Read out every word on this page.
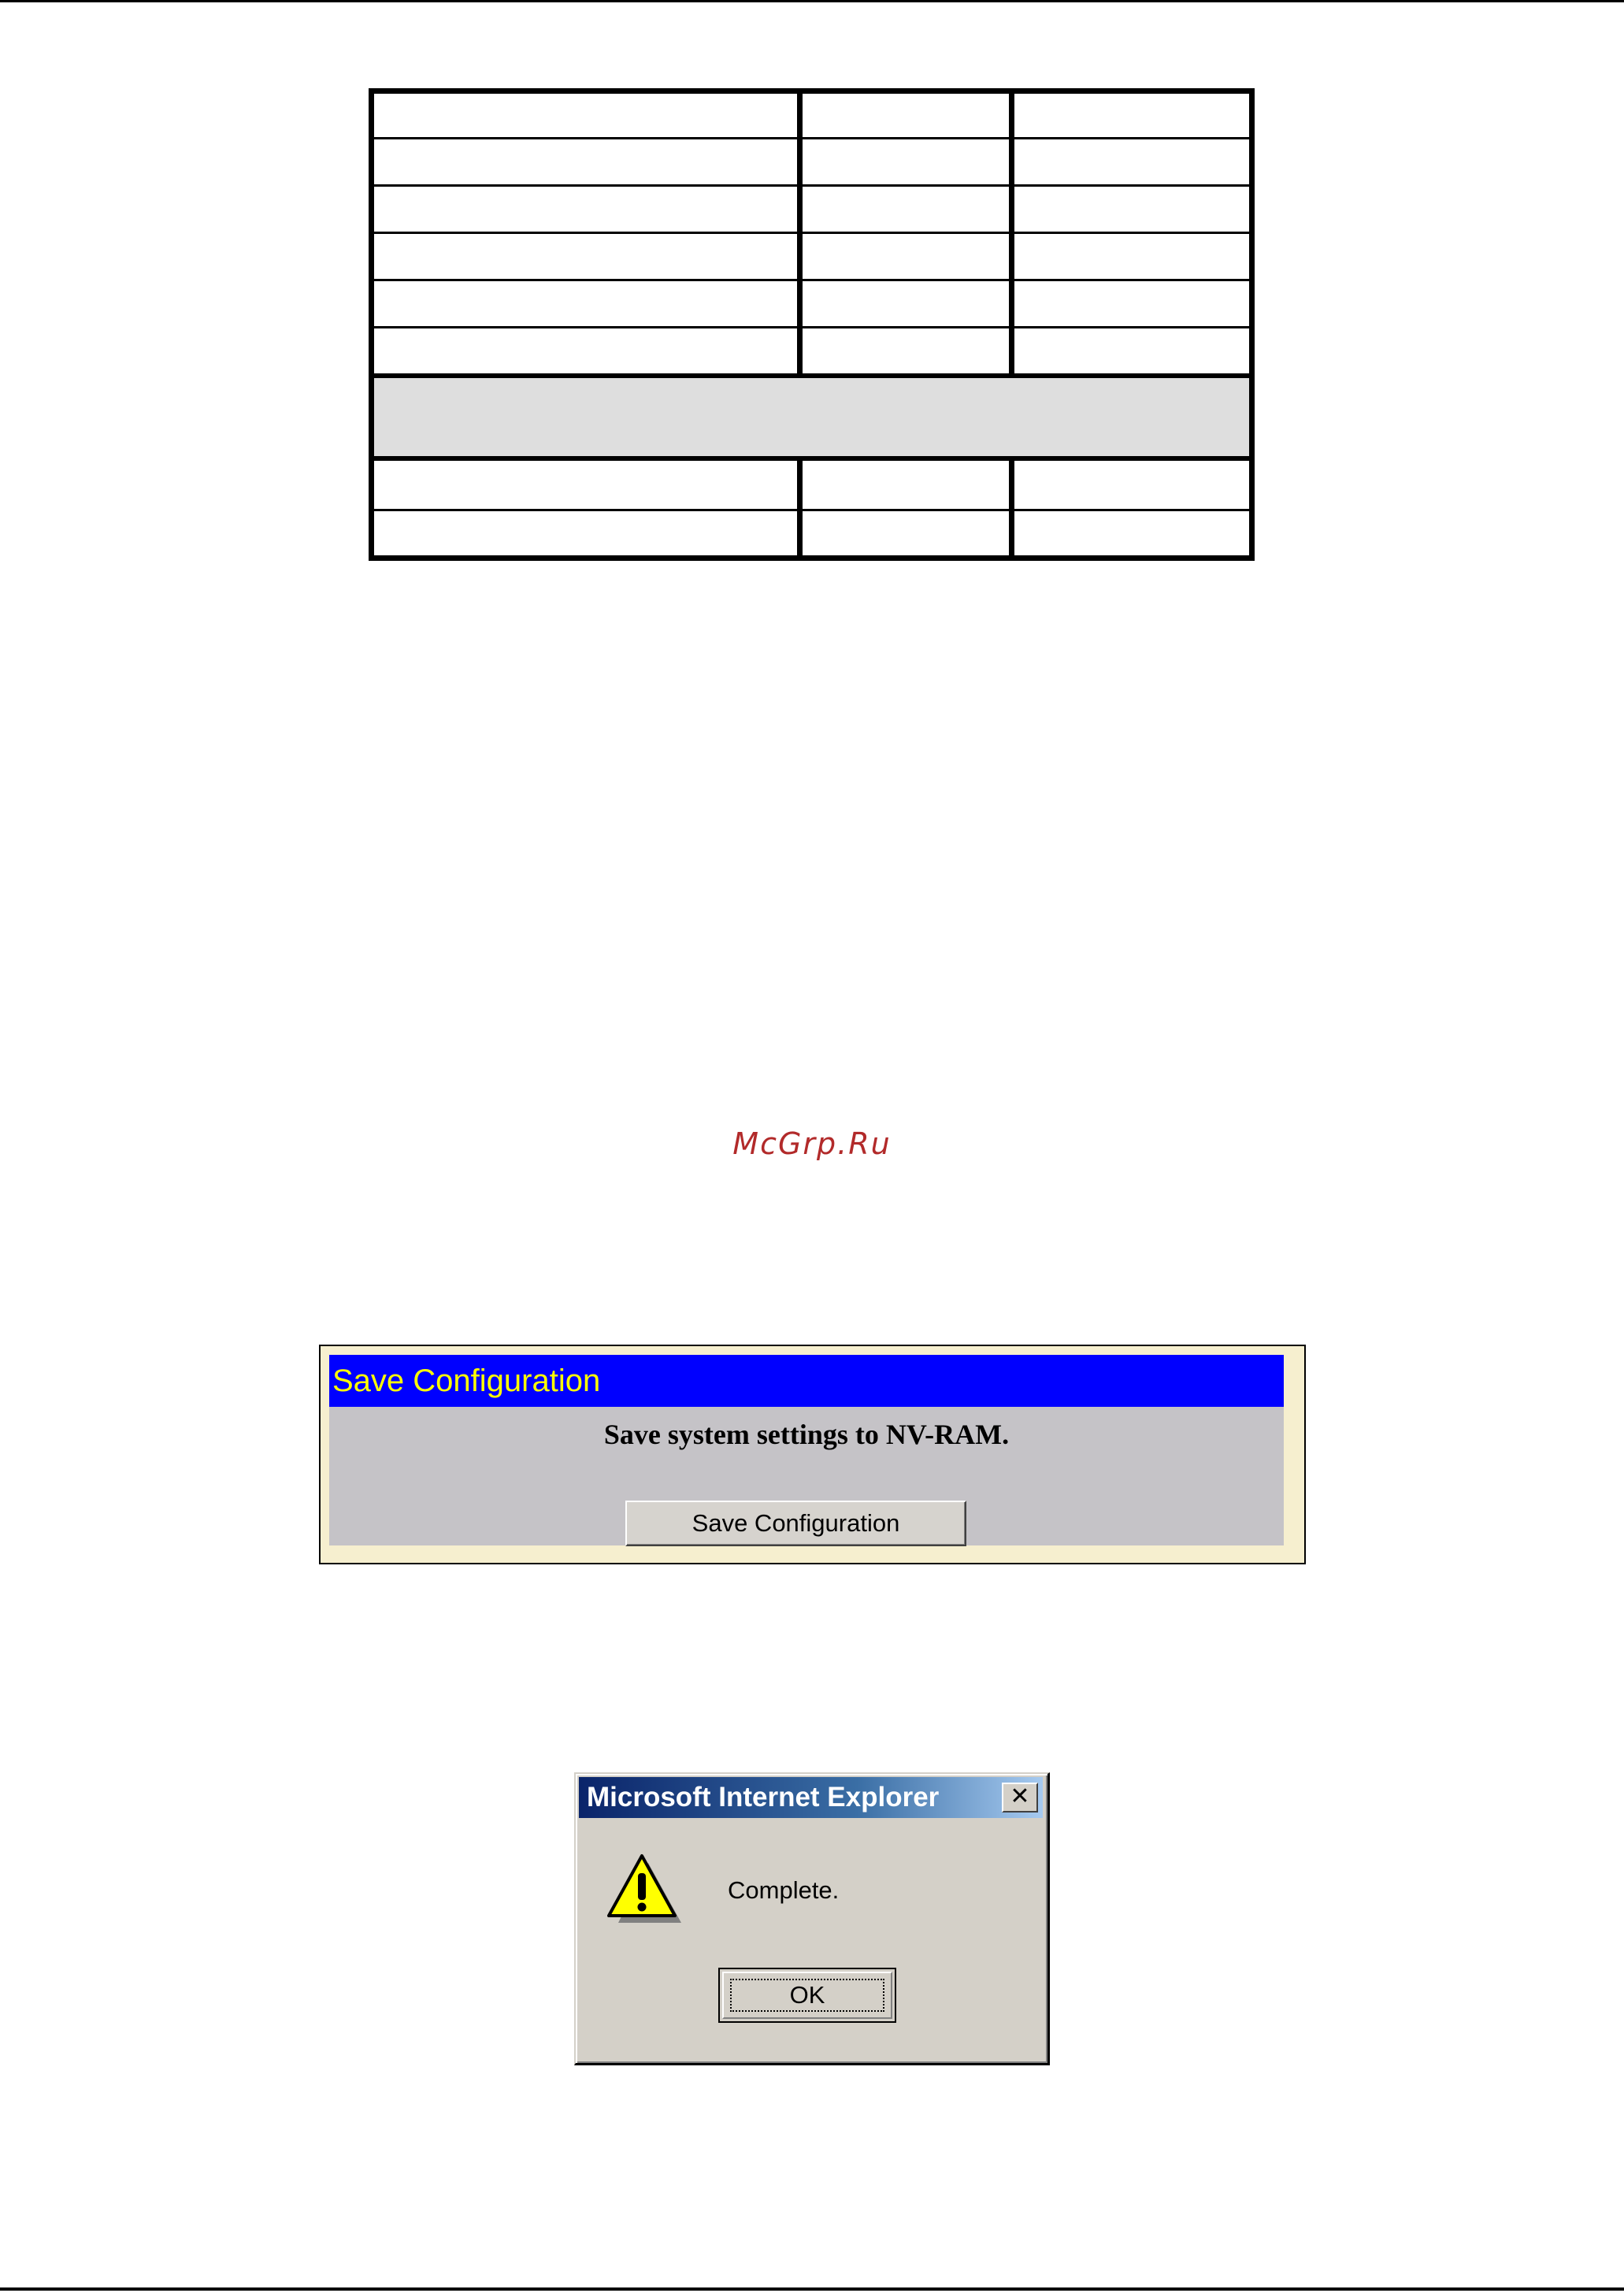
McGrp.Ru
Save Configuration
Save system settings to NV-RAM.
Save Configuration
Microsoft Internet Explorer	✕
Complete.
OK
